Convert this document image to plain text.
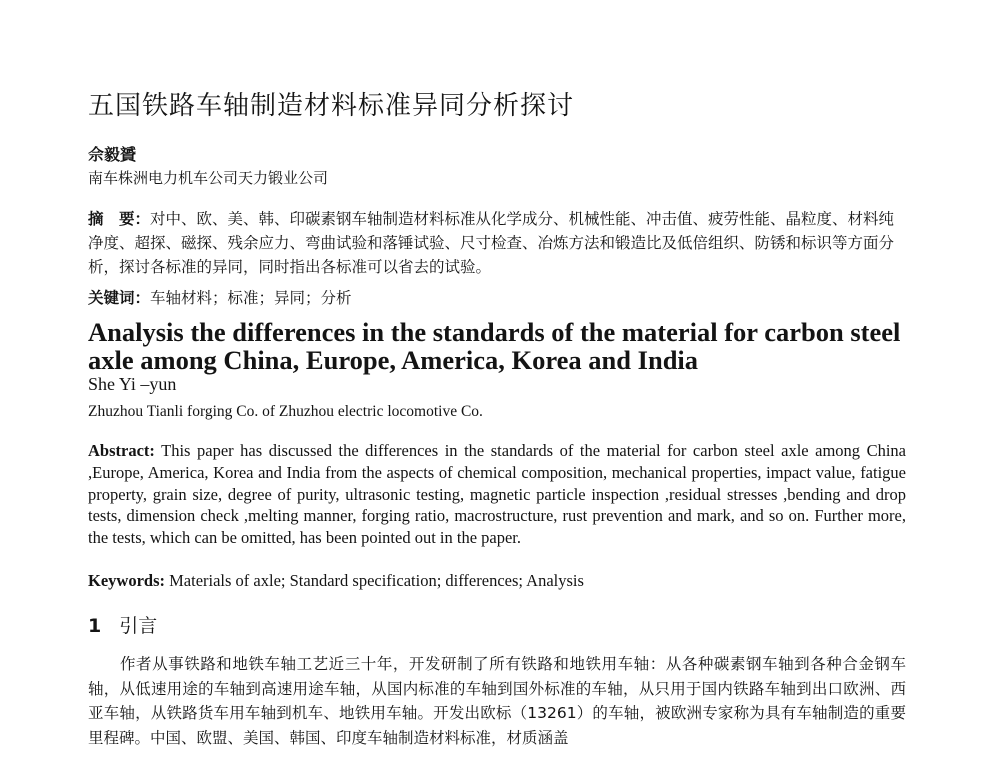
五国铁路车轴制造材料标准异同分析探讨
佘毅贇
南车株洲电力机车公司天力锻业公司
摘　要：对中、欧、美、韩、印碳素钢车轴制造材料标准从化学成分、机械性能、冲击值、疲劳性能、晶粒度、材料纯净度、超探、磁探、残余应力、弯曲试验和落锤试验、尺寸检查、冶炼方法和锻造比及低倍组织、防锈和标识等方面分析，探讨各标准的异同，同时指出各标准可以省去的试验。
关键词：车轴材料；标准；异同；分析
Analysis the differences in the standards of the material for carbon steel axle among China, Europe, America, Korea and India
She Yi –yun
Zhuzhou Tianli forging Co. of Zhuzhou electric locomotive Co.
Abstract: This paper has discussed the differences in the standards of the material for carbon steel axle among China ,Europe, America, Korea and India from the aspects of chemical composition, mechanical properties, impact value, fatigue property, grain size, degree of purity, ultrasonic testing, magnetic particle inspection ,residual stresses ,bending and drop tests, dimension check ,melting manner, forging ratio, macrostructure, rust prevention and mark, and so on. Further more, the tests, which can be omitted, has been pointed out in the paper.
Keywords: Materials of axle; Standard specification; differences; Analysis
1 引言
作者从事铁路和地铁车轴工艺近三十年，开发研制了所有铁路和地铁用车轴：从各种碳素钢车轴到各种合金钢车轴，从低速用途的车轴到高速用途车轴，从国内标准的车轴到国外标准的车轴，从只用于国内铁路车轴到出口欧洲、西亚车轴，从铁路货车用车轴到机车、地铁用车轴。开发出欧标（13261）的车轴，被欧洲专家称为具有车轴制造的重要里程碑。中国、欧盟、美国、韩国、印度车轴制造材料标准，材质涵盖
